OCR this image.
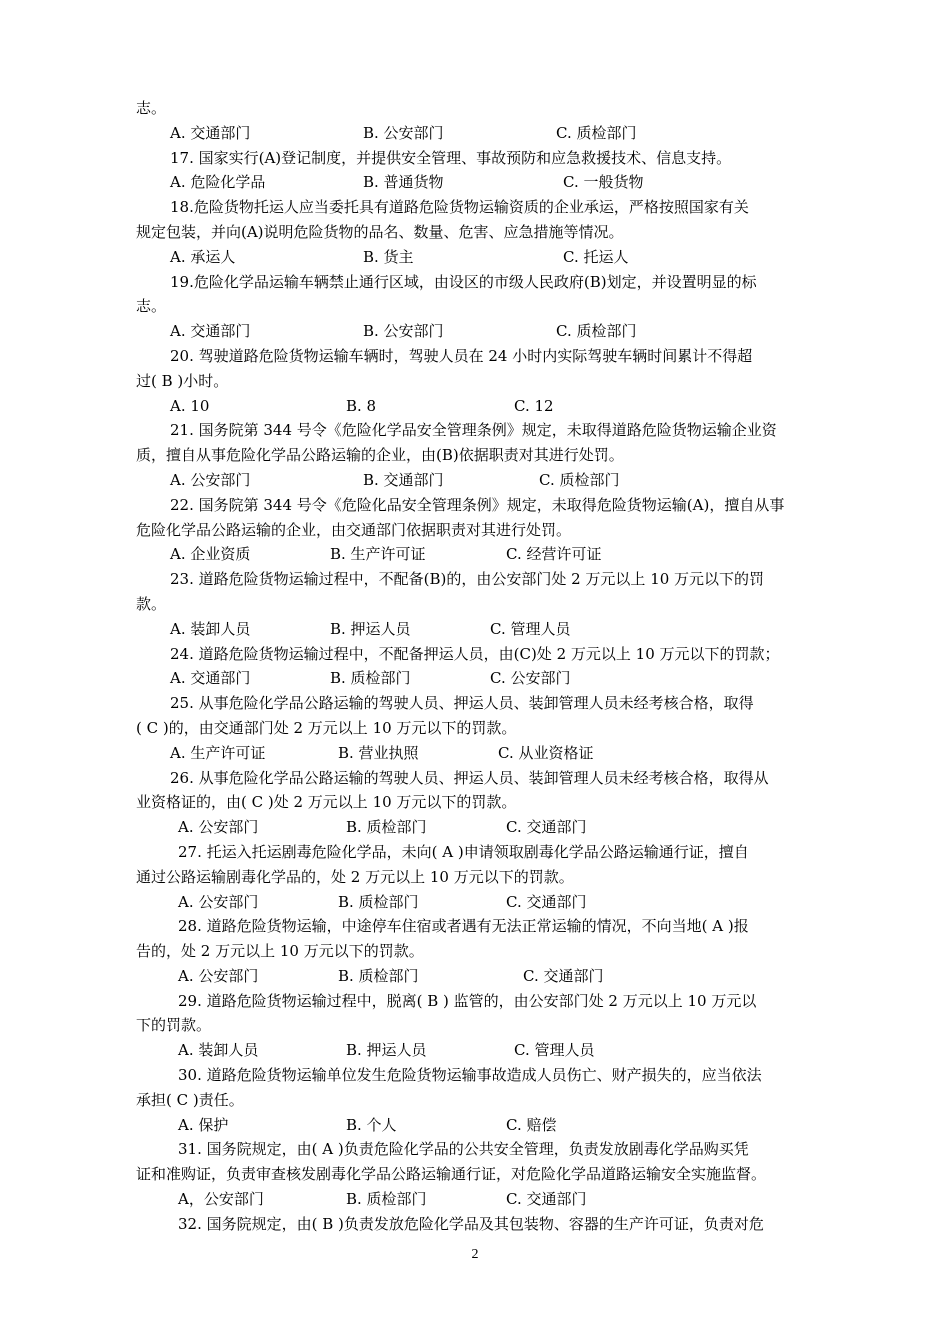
志。
A. 交通部门	B. 公安部门	C. 质检部门
17. 国家实行(A)登记制度，并提供安全管理、事故预防和应急救援技术、信息支持。
A. 危险化学品	B. 普通货物	C. 一般货物
18.危险货物托运人应当委托具有道路危险货物运输资质的企业承运，严格按照国家有关
规定包装，并向(A)说明危险货物的品名、数量、危害、应急措施等情况。
A. 承运人	B. 货主	C. 托运人
19.危险化学品运输车辆禁止通行区域，由设区的市级人民政府(B)划定，并设置明显的标
志。
A. 交通部门	B. 公安部门	C. 质检部门
20. 驾驶道路危险货物运输车辆时，驾驶人员在 24 小时内实际驾驶车辆时间累计不得超
过( B )小时。
A. 10	B. 8	C. 12
21. 国务院第 344 号令《危险化学品安全管理条例》规定，未取得道路危险货物运输企业资
质，擅自从事危险化学品公路运输的企业，由(B)依据职责对其进行处罚。
A. 公安部门	B. 交通部门	C. 质检部门
22. 国务院第 344 号令《危险化品安全管理条例》规定，未取得危险货物运输(A)，擅自从事
危险化学品公路运输的企业，由交通部门依据职责对其进行处罚。
A. 企业资质	B. 生产许可证	C. 经营许可证
23. 道路危险货物运输过程中，不配备(B)的，由公安部门处 2 万元以上 10 万元以下的罚
款。
A. 装卸人员	B. 押运人员	C. 管理人员
24. 道路危险货物运输过程中，不配备押运人员，由(C)处 2 万元以上 10 万元以下的罚款；
A. 交通部门	B. 质检部门	C. 公安部门
25. 从事危险化学品公路运输的驾驶人员、押运人员、装卸管理人员未经考核合格，取得
( C )的，由交通部门处 2 万元以上 10 万元以下的罚款。
A. 生产许可证	B. 营业执照	C. 从业资格证
26. 从事危险化学品公路运输的驾驶人员、押运人员、装卸管理人员未经考核合格，取得从
业资格证的，由( C )处 2 万元以上 10 万元以下的罚款。
A. 公安部门	B. 质检部门	C. 交通部门
27. 托运入托运剧毒危险化学品，未向( A )申请领取剧毒化学品公路运输通行证，擅自
通过公路运输剧毒化学品的，处 2 万元以上 10 万元以下的罚款。
A. 公安部门	B. 质检部门	C. 交通部门
28. 道路危险货物运输，中途停车住宿或者遇有无法正常运输的情况，不向当地( A )报
告的，处 2 万元以上 10 万元以下的罚款。
A. 公安部门	B. 质检部门	C. 交通部门
29. 道路危险货物运输过程中，脱离( B ) 监管的，由公安部门处 2 万元以上 10 万元以
下的罚款。
A. 装卸人员	B. 押运人员	C. 管理人员
30. 道路危险货物运输单位发生危险货物运输事故造成人员伤亡、财产损失的，应当依法
承担( C )责任。
A. 保护	B. 个人	C. 赔偿
31. 国务院规定，由( A )负责危险化学品的公共安全管理，负责发放剧毒化学品购买凭
证和准购证，负责审查核发剧毒化学品公路运输通行证，对危险化学品道路运输安全实施监督。
A，公安部门	B. 质检部门	C. 交通部门
32. 国务院规定，由( B )负责发放危险化学品及其包装物、容器的生产许可证，负责对危
2
